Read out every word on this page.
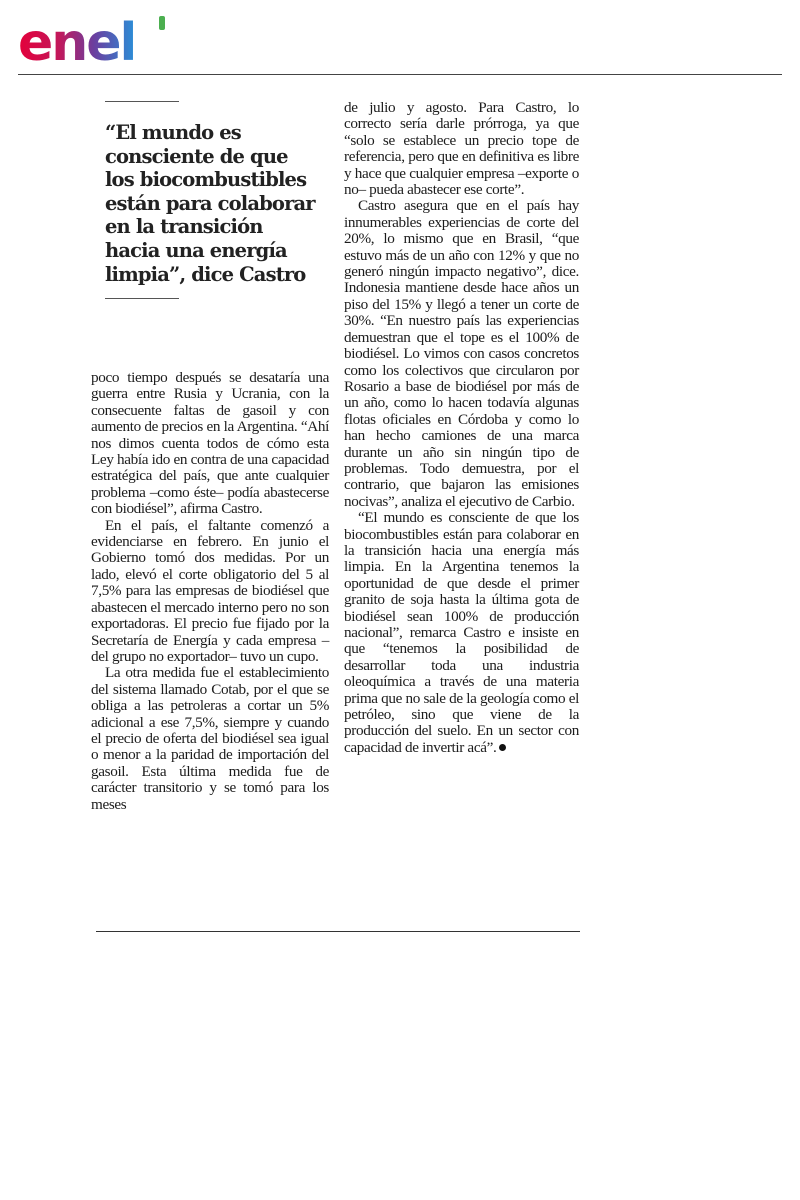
enel

“El mundo es consciente de que los biocombustibles están para colaborar en la transición hacia una energía limpia”, dice Castro

poco tiempo después se desataría una guerra entre Rusia y Ucrania, con la consecuente faltas de gasoil y con aumento de precios en la Argentina. “Ahí nos dimos cuenta todos de cómo esta Ley había ido en contra de una capacidad estratégica del país, que ante cualquier problema –como éste– podía abastecerse con biodiésel”, afirma Castro.

En el país, el faltante comenzó a evidenciarse en febrero. En junio el Gobierno tomó dos medidas. Por un lado, elevó el corte obligatorio del 5 al 7,5% para las empresas de biodiésel que abastecen el mercado interno pero no son exportadoras. El precio fue fijado por la Secretaría de Energía y cada empresa –del grupo no exportador– tuvo un cupo.

La otra medida fue el establecimiento del sistema llamado Cotab, por el que se obliga a las petroleras a cortar un 5% adicional a ese 7,5%, siempre y cuando el precio de oferta del biodiésel sea igual o menor a la paridad de importación del gasoil. Esta última medida fue de carácter transitorio y se tomó para los meses

de julio y agosto. Para Castro, lo correcto sería darle prórroga, ya que “solo se establece un precio tope de referencia, pero que en definitiva es libre y hace que cualquier empresa –exporte o no– pueda abastecer ese corte”.

Castro asegura que en el país hay innumerables experiencias de corte del 20%, lo mismo que en Brasil, “que estuvo más de un año con 12% y que no generó ningún impacto negativo”, dice. Indonesia mantiene desde hace años un piso del 15% y llegó a tener un corte de 30%. “En nuestro país las experiencias demuestran que el tope es el 100% de biodiésel. Lo vimos con casos concretos como los colectivos que circularon por Rosario a base de biodiésel por más de un año, como lo hacen todavía algunas flotas oficiales en Córdoba y como lo han hecho camiones de una marca durante un año sin ningún tipo de problemas. Todo demuestra, por el contrario, que bajaron las emisiones nocivas”, analiza el ejecutivo de Carbio.

“El mundo es consciente de que los biocombustibles están para colaborar en la transición hacia una energía más limpia. En la Argentina tenemos la oportunidad de que desde el primer granito de soja hasta la última gota de biodiésel sean 100% de producción nacional”, remarca Castro e insiste en que “tenemos la posibilidad de desarrollar toda una industria oleoquímica a través de una materia prima que no sale de la geología como el petróleo, sino que viene de la producción del suelo. En un sector con capacidad de invertir acá”.
